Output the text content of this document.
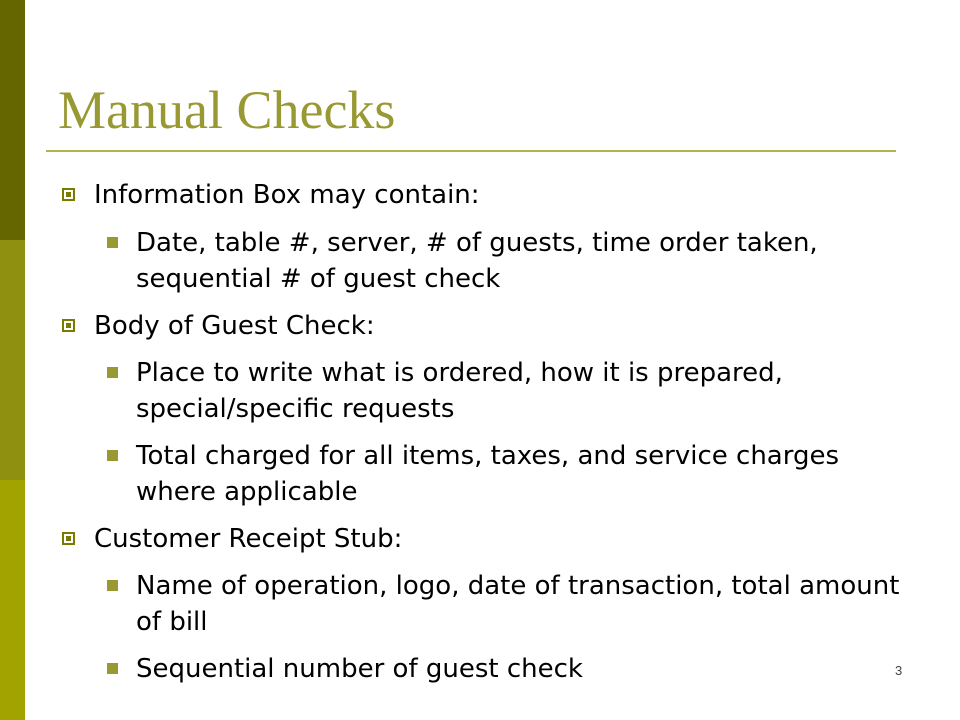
Manual Checks
Information Box may contain:
Date, table #, server, # of guests, time order taken, sequential # of guest check
Body of Guest Check:
Place to write what is ordered, how it is prepared, special/specific requests
Total charged for all items, taxes, and service charges where applicable
Customer Receipt Stub:
Name of operation, logo, date of transaction, total amount of bill
Sequential number of guest check	3
